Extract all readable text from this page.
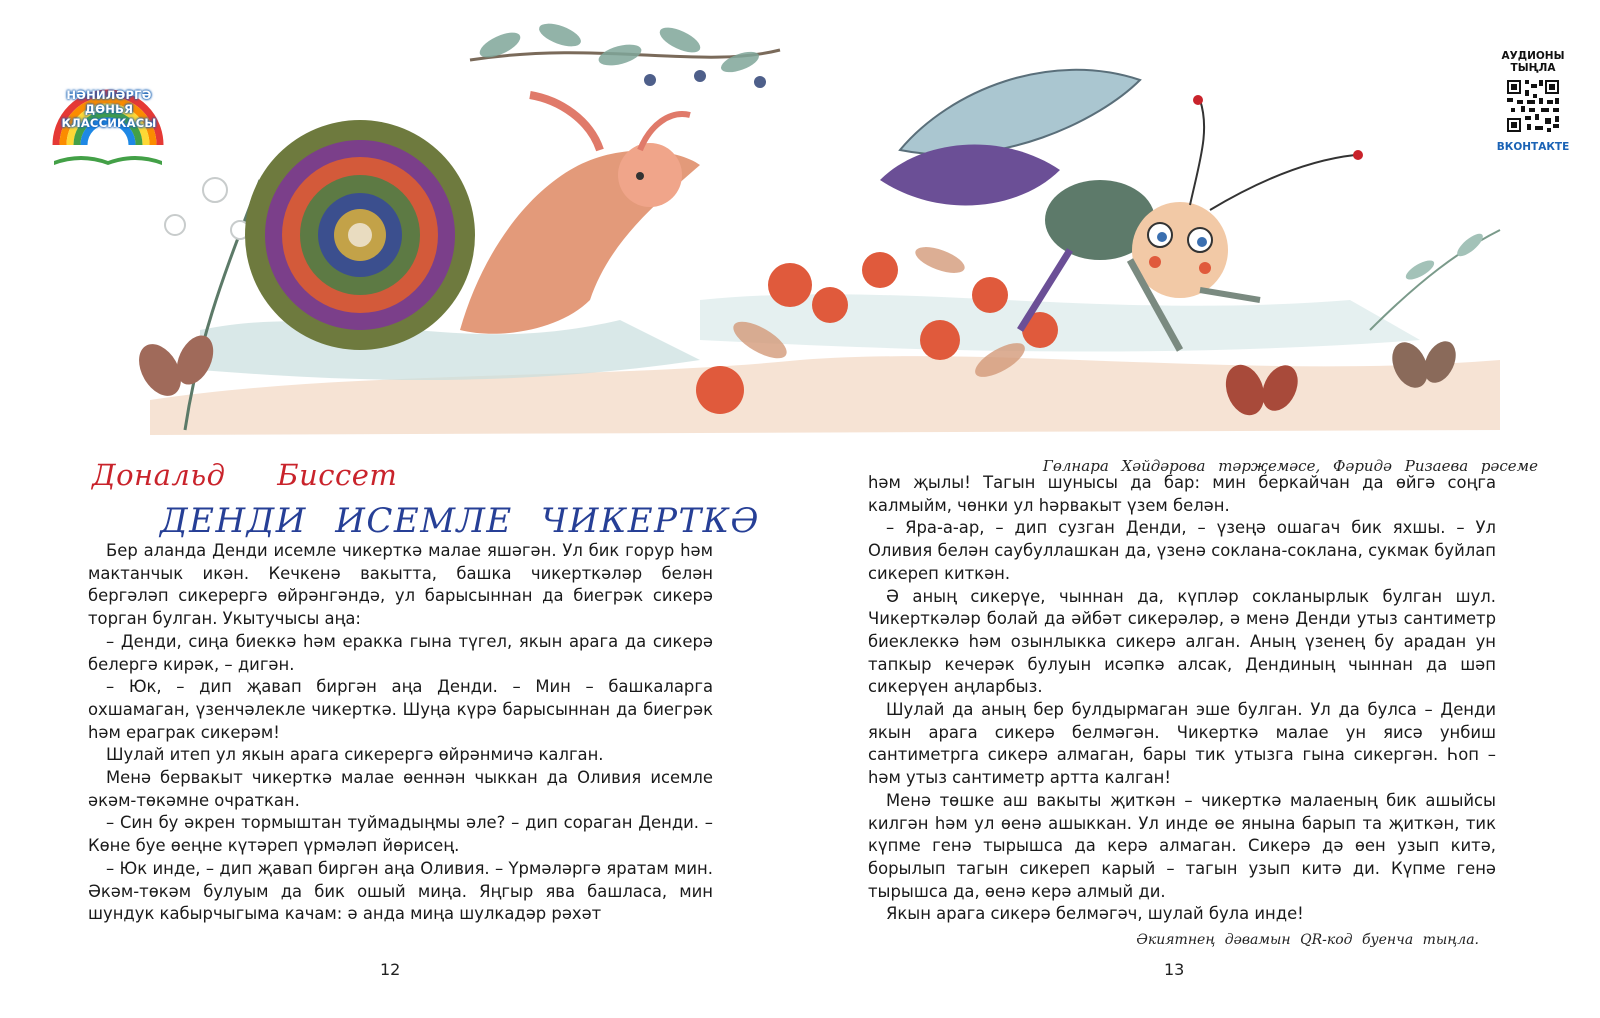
НӘНИЛӘРГӘ ДӨНЬЯ КЛАССИКАСЫ
АУДИОНЫ ТЫҢЛА
ВКОНТАКТЕ
Гөлнара Хәйдәрова тәрҗемәсе, Фәридә Ризаева рәсеме
Дональд Биссет
ДЕНДИ ИСЕМЛЕ ЧИКЕРТКӘ

Бер аланда Денди исемле чикерткә малае яшәгән. Ул бик горур һәм мактанчык икән. Кечкенә вакытта, башка чикерткәләр белән бергәләп сикерергә өйрәнгәндә, ул барысыннан да биегрәк сикерә торган булган. Укытучысы аңа:

– Денди, сиңа биеккә һәм еракка гына түгел, якын арага да сикерә белергә кирәк, – дигән.

– Юк, – дип җавап биргән аңа Денди. – Мин – башкаларга охшамаган, үзенчәлекле чикерткә. Шуңа күрә барысыннан да биегрәк һәм ераграк сикерәм!

Шулай итеп ул якын арага сикерергә өйрәнмичә калган.

Менә бервакыт чикерткә малае өеннән чыккан да Оливия исемле әкәм-төкәмне очраткан.

– Син бу әкрен тормыштан туймадыңмы әле? – дип сораган Денди. – Көне буе өеңне күтәреп үрмәләп йөрисең.

– Юк инде, – дип җавап биргән аңа Оливия. – Үрмәләргә яратам мин. Әкәм-төкәм булуым да бик ошый миңа. Яңгыр ява башласа, мин шундук кабырчыгыма качам: ә анда миңа шулкадәр рәхәт

һәм җылы! Тагын шунысы да бар: мин беркайчан да өйгә соңга калмыйм, чөнки ул һәрвакыт үзем белән.

– Яра-а-ар, – дип сузган Денди, – үзеңә ошагач бик яхшы. – Ул Оливия белән саубуллашкан да, үзенә соклана-соклана, сукмак буйлап сикереп киткән.

Ә аның сикерүе, чыннан да, күпләр сокланырлык булган шул. Чикерткәләр болай да әйбәт сикерәләр, ә менә Денди утыз сантиметр биеклеккә һәм озынлыкка сикерә алган. Аның үзенең бу арадан ун тапкыр кечерәк булуын исәпкә алсак, Дендиның чыннан да шәп сикерүен аңларбыз.

Шулай да аның бер булдырмаган эше булган. Ул да булса – Денди якын арага сикерә белмәгән. Чикерткә малае ун яисә унбиш сантиметрга сикерә алмаган, бары тик утызга гына сикергән. Һоп – һәм утыз сантиметр артта калган!

Менә төшке аш вакыты җиткән – чикерткә малаеның бик ашыйсы килгән һәм ул өенә ашыккан. Ул инде өе янына барып та җиткән, тик күпме генә тырышса да керә алмаган. Сикерә дә өен узып китә, борылып тагын сикереп карый – тагын узып китә ди. Күпме генә тырышса да, өенә керә алмый ди.

Якын арага сикерә белмәгәч, шулай була инде!

Әкиятнең дәвамын QR-код буенча тыңла.
12	13
